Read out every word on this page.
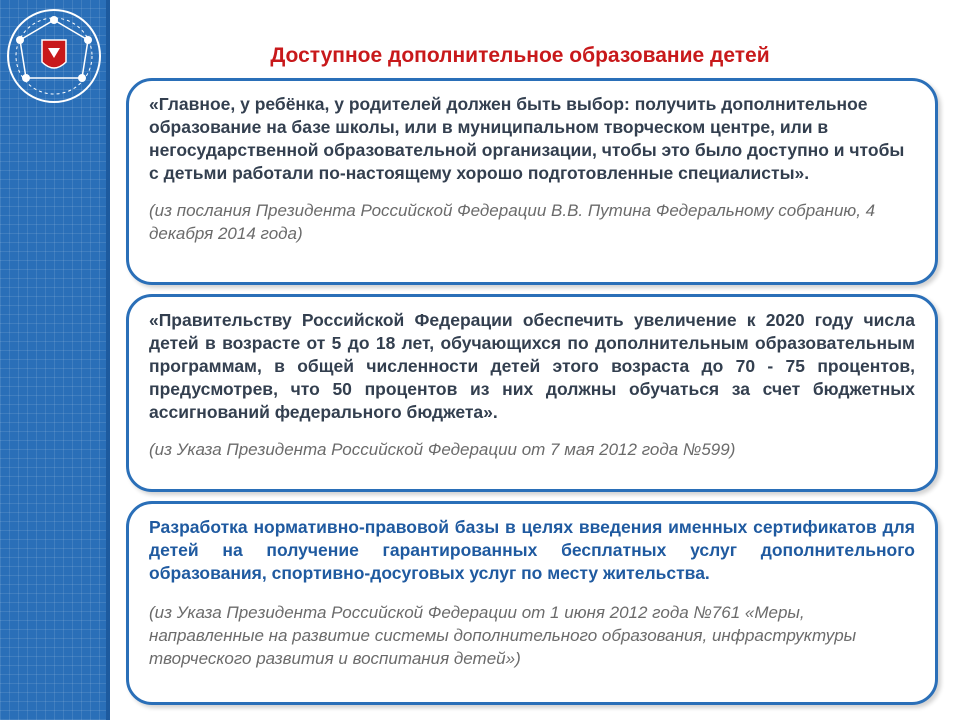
Доступное дополнительное образование детей

«Главное, у ребёнка, у родителей должен быть выбор: получить дополнительное образование на базе школы, или в муниципальном творческом центре, или в негосударственной образовательной организации, чтобы это было доступно и чтобы с детьми работали по-настоящему хорошо подготовленные специалисты».

(из послания Президента Российской Федерации В.В. Путина Федеральному собранию, 4 декабря 2014 года)

«Правительству Российской Федерации обеспечить увеличение к 2020 году числа детей в возрасте от 5 до 18 лет, обучающихся по дополнительным образовательным программам, в общей численности детей этого возраста до 70 - 75 процентов, предусмотрев, что 50 процентов из них должны обучаться за счет бюджетных ассигнований федерального бюджета».

(из Указа Президента Российской Федерации от 7 мая 2012 года №599)

Разработка нормативно-правовой базы в целях введения именных сертификатов для детей на получение гарантированных бесплатных услуг дополнительного образования, спортивно-досуговых услуг по месту жительства.

(из Указа Президента Российской Федерации от 1 июня 2012 года №761 «Меры, направленные на развитие системы дополнительного образования, инфраструктуры творческого развития и воспитания детей»)
